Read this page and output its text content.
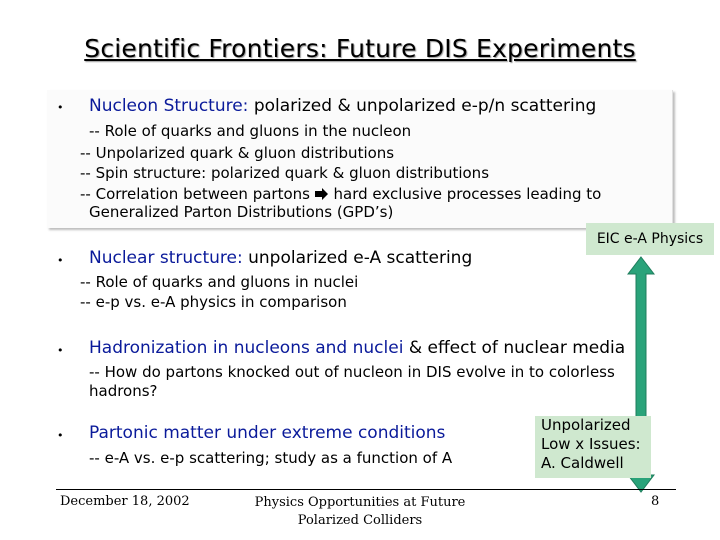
Scientific Frontiers: Future DIS Experiments
• Nucleon Structure: polarized & unpolarized e-p/n scattering
-- Role of quarks and gluons in the nucleon
-- Unpolarized quark & gluon distributions
-- Spin structure: polarized quark & gluon distributions
-- Correlation between partons  hard exclusive processes leading to
Generalized Parton Distributions (GPD’s)
EIC e-A Physics
• Nuclear structure: unpolarized e-A scattering
-- Role of quarks and gluons in nuclei
-- e-p vs. e-A physics in comparison
• Hadronization in nucleons and nuclei & effect of nuclear media
-- How do partons knocked out of nucleon in DIS evolve in to colorless
hadrons?
• Partonic matter under extreme conditions
-- e-A vs. e-p scattering; study as a function of A
Unpolarized
Low x Issues:
A. Caldwell
December 18, 2002	Physics Opportunities at Future
Polarized Colliders
8
